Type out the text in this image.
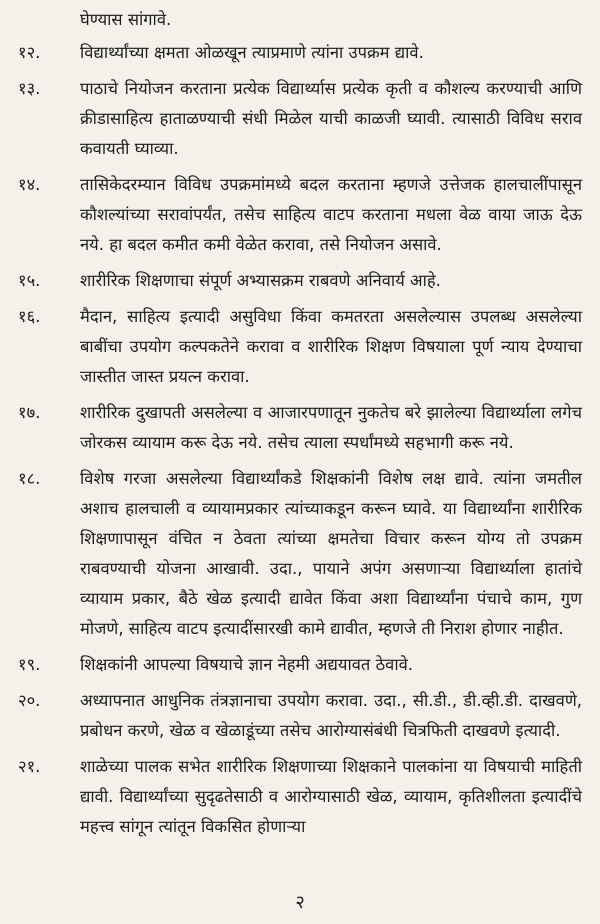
घेण्यास सांगावे.

१२.	विद्यार्थ्यांच्या क्षमता ओळखून त्याप्रमाणे त्यांना उपक्रम द्यावे.
१३.	पाठाचे नियोजन करताना प्रत्येक विद्यार्थ्यास प्रत्येक कृती व कौशल्य करण्याची आणि क्रीडासाहित्य हाताळण्याची संधी मिळेल याची काळजी घ्यावी. त्यासाठी विविध सराव कवायती घ्याव्या.
१४.	तासिकेदरम्यान विविध उपक्रमांमध्ये बदल करताना म्हणजे उत्तेजक हालचालींपासून कौशल्यांच्या सरावांपर्यंत, तसेच साहित्य वाटप करताना मधला वेळ वाया जाऊ देऊ नये. हा बदल कमीत कमी वेळेत करावा, तसे नियोजन असावे.
१५.	शारीरिक शिक्षणाचा संपूर्ण अभ्यासक्रम राबवणे अनिवार्य आहे.
१६.	मैदान, साहित्य इत्यादी असुविधा किंवा कमतरता असलेल्यास उपलब्ध असलेल्या बाबींचा उपयोग कल्पकतेने करावा व शारीरिक शिक्षण विषयाला पूर्ण न्याय देण्याचा जास्तीत जास्त प्रयत्न करावा.
१७.	शारीरिक दुखापती असलेल्या व आजारपणातून नुकतेच बरे झालेल्या विद्यार्थ्याला लगेच जोरकस व्यायाम करू देऊ नये. तसेच त्याला स्पर्धांमध्ये सहभागी करू नये.
१८.	विशेष गरजा असलेल्या विद्यार्थ्यांकडे शिक्षकांनी विशेष लक्ष द्यावे. त्यांना जमतील अशाच हालचाली व व्यायामप्रकार त्यांच्याकडून करून घ्यावे. या विद्यार्थ्यांना शारीरिक शिक्षणापासून वंचित न ठेवता त्यांच्या क्षमतेचा विचार करून योग्य तो उपक्रम राबवण्याची योजना आखावी. उदा., पायाने अपंग असणाऱ्या विद्यार्थ्याला हातांचे व्यायाम प्रकार, बैठे खेळ इत्यादी द्यावेत किंवा अशा विद्यार्थ्यांना पंचाचे काम, गुण मोजणे, साहित्य वाटप इत्यादींसारखी कामे द्यावीत, म्हणजे ती निराश होणार नाहीत.
१९.	शिक्षकांनी आपल्या विषयाचे ज्ञान नेहमी अद्ययावत ठेवावे.
२०.	अध्यापनात आधुनिक तंत्रज्ञानाचा उपयोग करावा. उदा., सी.डी., डी.व्ही.डी. दाखवणे, प्रबोधन करणे, खेळ व खेळाडूंच्या तसेच आरोग्यासंबंधी चित्रफिती दाखवणे इत्यादी.
२१.	शाळेच्या पालक सभेत शारीरिक शिक्षणाच्या शिक्षकाने पालकांना या विषयाची माहिती द्यावी. विद्यार्थ्यांच्या सुदृढतेसाठी व आरोग्यासाठी खेळ, व्यायाम, कृतिशीलता इत्यादींचे महत्त्व सांगून त्यांतून विकसित होणाऱ्या
२
